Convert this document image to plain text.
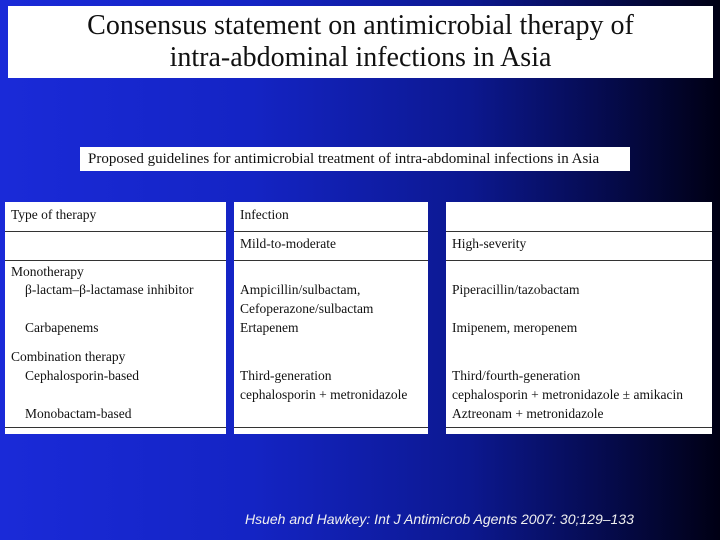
Consensus statement on antimicrobial therapy of
intra-abdominal infections in Asia
Proposed guidelines for antimicrobial treatment of intra-abdominal infections in Asia
Type of therapy
Monotherapy
β-lactam–β-lactamase inhibitor
Carbapenems
Combination therapy
Cephalosporin-based
Monobactam-based
Infection
Mild-to-moderate
Ampicillin/sulbactam,
Cefoperazone/sulbactam
Ertapenem
Third-generation
cephalosporin + metronidazole
High-severity
Piperacillin/tazobactam
Imipenem, meropenem
Third/fourth-generation
cephalosporin + metronidazole ± amikacin
Aztreonam + metronidazole
Hsueh and Hawkey: Int J Antimicrob Agents 2007: 30;129–133
